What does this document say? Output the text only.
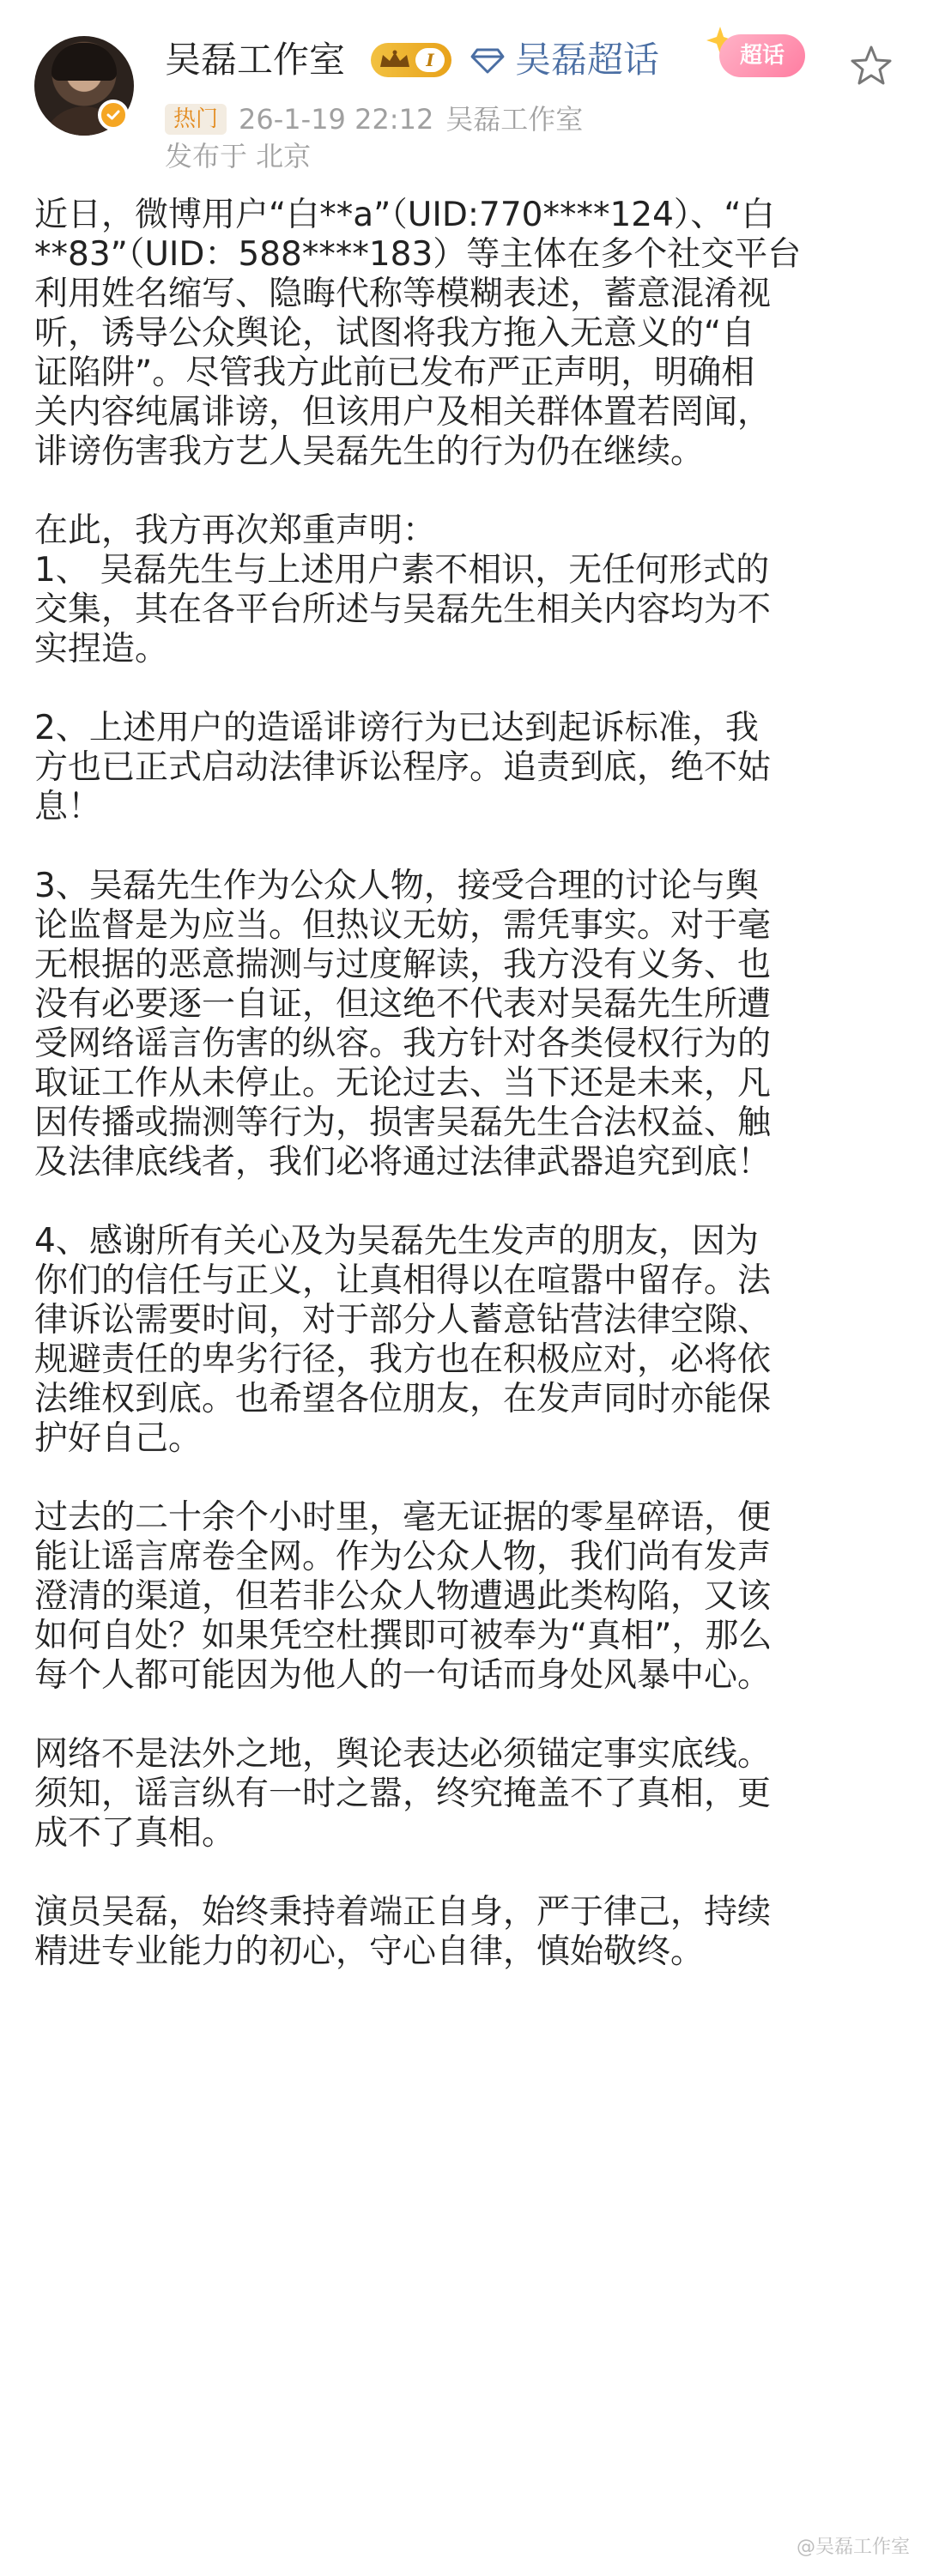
吴磊工作室	I 吴磊超话	超话
热门 26-1-19 22:12 吴磊工作室
发布于 北京
近日，微博用户“白**a”（UID:770****124）、“白
**83”（UID：588****183）等主体在多个社交平台
利用姓名缩写、隐晦代称等模糊表述，蓄意混淆视
听，诱导公众舆论，试图将我方拖入无意义的“自
证陷阱”。尽管我方此前已发布严正声明，明确相
关内容纯属诽谤，但该用户及相关群体置若罔闻，
诽谤伤害我方艺人吴磊先生的行为仍在继续。
在此，我方再次郑重声明：
1、 吴磊先生与上述用户素不相识，无任何形式的
交集，其在各平台所述与吴磊先生相关内容均为不
实捏造。
2、上述用户的造谣诽谤行为已达到起诉标准，我
方也已正式启动法律诉讼程序。追责到底，绝不姑
息！
3、吴磊先生作为公众人物，接受合理的讨论与舆
论监督是为应当。但热议无妨，需凭事实。对于毫
无根据的恶意揣测与过度解读，我方没有义务、也
没有必要逐一自证，但这绝不代表对吴磊先生所遭
受网络谣言伤害的纵容。我方针对各类侵权行为的
取证工作从未停止。无论过去、当下还是未来，凡
因传播或揣测等行为，损害吴磊先生合法权益、触
及法律底线者，我们必将通过法律武器追究到底！
4、感谢所有关心及为吴磊先生发声的朋友，因为
你们的信任与正义，让真相得以在喧嚣中留存。法
律诉讼需要时间，对于部分人蓄意钻营法律空隙、
规避责任的卑劣行径，我方也在积极应对，必将依
法维权到底。也希望各位朋友，在发声同时亦能保
护好自己。
过去的二十余个小时里，毫无证据的零星碎语，便
能让谣言席卷全网。作为公众人物，我们尚有发声
澄清的渠道，但若非公众人物遭遇此类构陷，又该
如何自处？如果凭空杜撰即可被奉为“真相”，那么
每个人都可能因为他人的一句话而身处风暴中心。
网络不是法外之地，舆论表达必须锚定事实底线。
须知，谣言纵有一时之嚣，终究掩盖不了真相，更
成不了真相。
演员吴磊，始终秉持着端正自身，严于律己，持续
精进专业能力的初心，守心自律，慎始敬终。
@吴磊工作室
